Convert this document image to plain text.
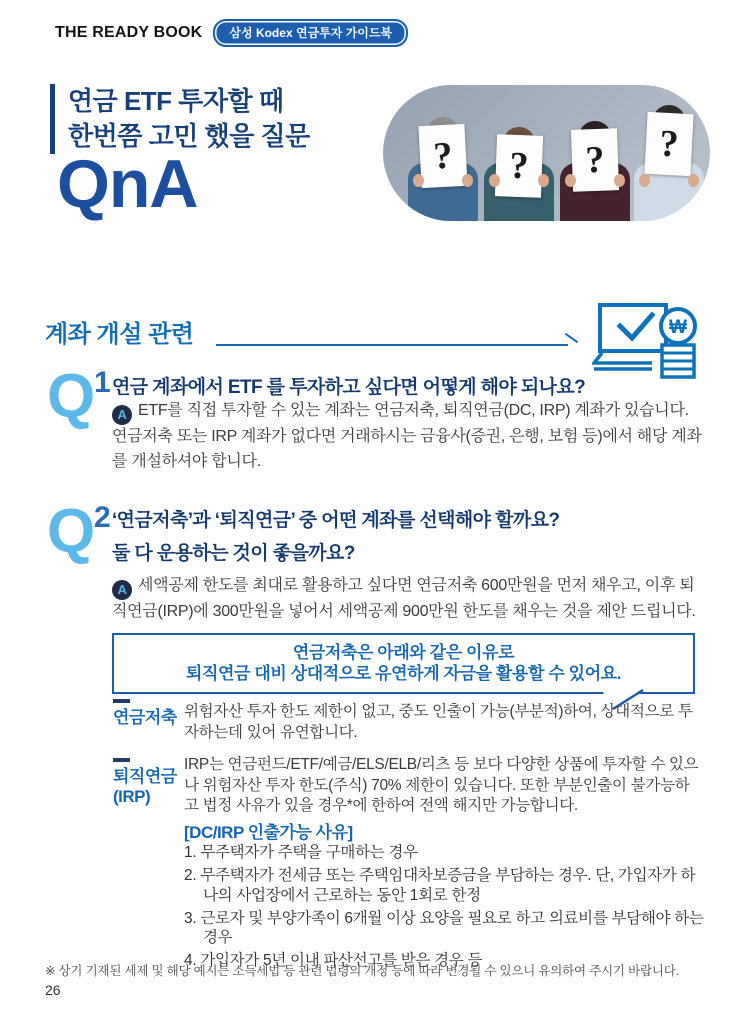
THE READY BOOK	삼성 Kodex 연금투자 가이드북
연금 ETF 투자할 때
한번쯤 고민 했을 질문
QnA	? ? ? ?
계좌 개설 관련	₩
Q 1 연금 계좌에서 ETF 를 투자하고 싶다면 어떻게 해야 되나요?
A ETF를 직접 투자할 수 있는 계좌는 연금저축, 퇴직연금(DC, IRP) 계좌가 있습니다. 연금저축 또는 IRP 계좌가 없다면 거래하시는 금융사(증권, 은행, 보험 등)에서 해당 계좌를 개설하셔야 합니다.
Q 2 ‘연금저축’과 ‘퇴직연금’ 중 어떤 계좌를 선택해야 할까요?
둘 다 운용하는 것이 좋을까요?
A 세액공제 한도를 최대로 활용하고 싶다면 연금저축 600만원을 먼저 채우고, 이후 퇴직연금(IRP)에 300만원을 넣어서 세액공제 900만원 한도를 채우는 것을 제안 드립니다.
연금저축은 아래와 같은 이유로
퇴직연금 대비 상대적으로 유연하게 자금을 활용할 수 있어요.
연금저축 위험자산 투자 한도 제한이 없고, 중도 인출이 가능(부분적)하여, 상대적으로 투자하는데 있어 유연합니다.
퇴직연금
(IRP)
IRP는 연금펀드/ETF/예금/ELS/ELB/리츠 등 보다 다양한 상품에 투자할 수 있으나 위험자산 투자 한도(주식) 70% 제한이 있습니다. 또한 부분인출이 불가능하고 법정 사유가 있을 경우*에 한하여 전액 해지만 가능합니다.
[DC/IRP 인출가능 사유]
1. 무주택자가 주택을 구매하는 경우
2. 무주택자가 전세금 또는 주택임대차보증금을 부담하는 경우. 단, 가입자가 하나의 사업장에서 근로하는 동안 1회로 한정
3. 근로자 및 부양가족이 6개월 이상 요양을 필요로 하고 의료비를 부담해야 하는 경우
4. 가입자가 5년 이내 파산선고를 받은 경우 등
※ 상기 기재된 세제 및 해당 예시는 소득세법 등 관련 법령의 개정 등에 따라 변경될 수 있으니 유의하여 주시기 바랍니다.
26
